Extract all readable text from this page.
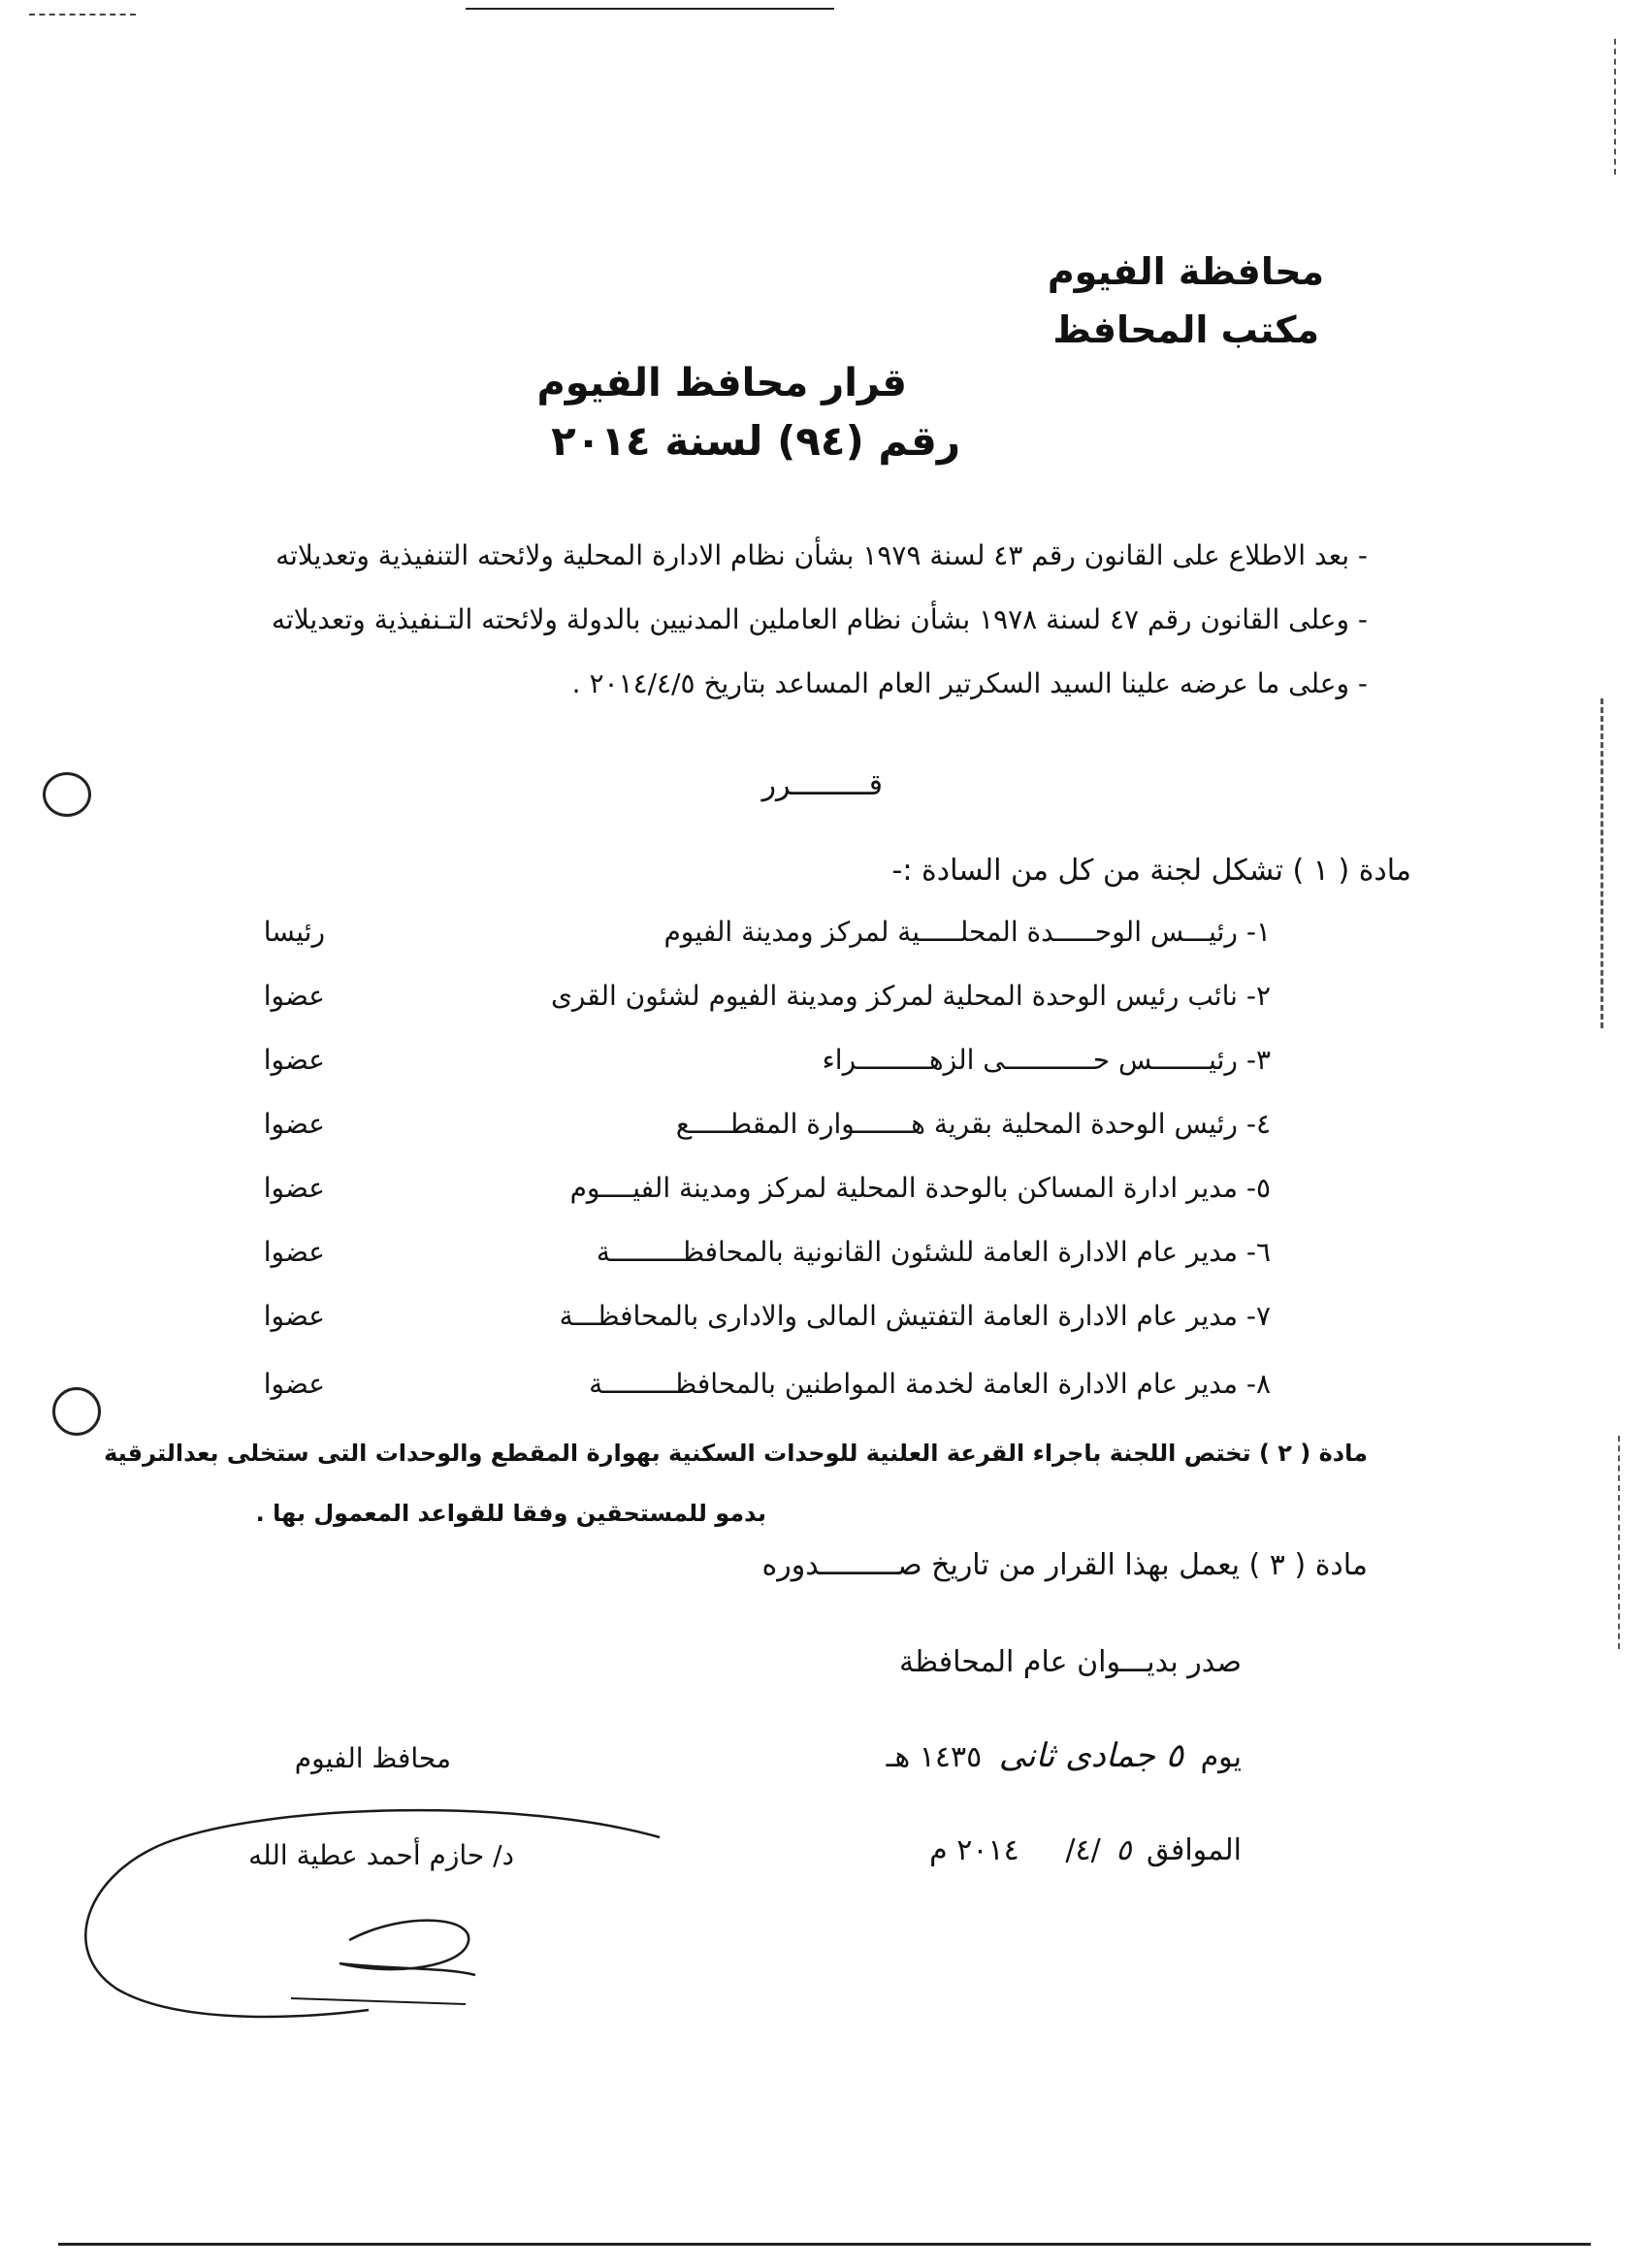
محافظة الفيوم
مكتب المحافظ
قرار محافظ الفيوم
رقم (٩٤) لسنة ٢٠١٤
- بعد الاطلاع على القانون رقم ٤٣ لسنة ١٩٧٩ بشأن نظام الادارة المحلية ولائحته التنفيذية وتعديلاته
- وعلى القانون رقم ٤٧ لسنة ١٩٧٨ بشأن نظام العاملين المدنيين بالدولة ولائحته التـنفيذية وتعديلاته
- وعلى ما عرضه علينا السيد السكرتير العام المساعد بتاريخ ٢٠١٤/٤/٥ .
قـــــــــرر
مادة ( ١ ) تشكل لجنة من كل من السادة :-
١- رئيـــس الوحـــــدة المحلـــــية لمركز ومدينة الفيوم
رئيسا
٢- نائب رئيس الوحدة المحلية لمركز ومدينة الفيوم لشئون القرى
عضوا
٣- رئيـــــــس حـــــــــــى الزهـــــــــراء
عضوا
٤- رئيس الوحدة المحلية بقرية هـــــــوارة المقطـــــع
عضوا
٥- مدير ادارة المساكن بالوحدة المحلية لمركز ومدينة الفيــــوم
عضوا
٦- مدير عام الادارة العامة للشئون القانونية بالمحافظـــــــــة
عضوا
٧- مدير عام الادارة العامة التفتيش المالى والادارى بالمحافظـــة
عضوا
٨- مدير عام الادارة العامة لخدمة المواطنين بالمحافظـــــــــة
عضوا
مادة ( ٢ ) تختص اللجنة باجراء القرعة العلنية للوحدات السكنية بهوارة المقطع والوحدات التى ستخلى بعدالترقية
بدمو للمستحقين وفقا للقواعد المعمول بها .
مادة ( ٣ ) يعمل بهذا القرار من تاريخ صـــــــــدوره
صدر بديـــوان عام المحافظة
يوم ٥ جمادى ثانى ١٤٣٥ هـ
الموافق ٥ /٤/     ٢٠١٤ م
محافظ الفيوم
د/ حازم أحمد عطية الله
